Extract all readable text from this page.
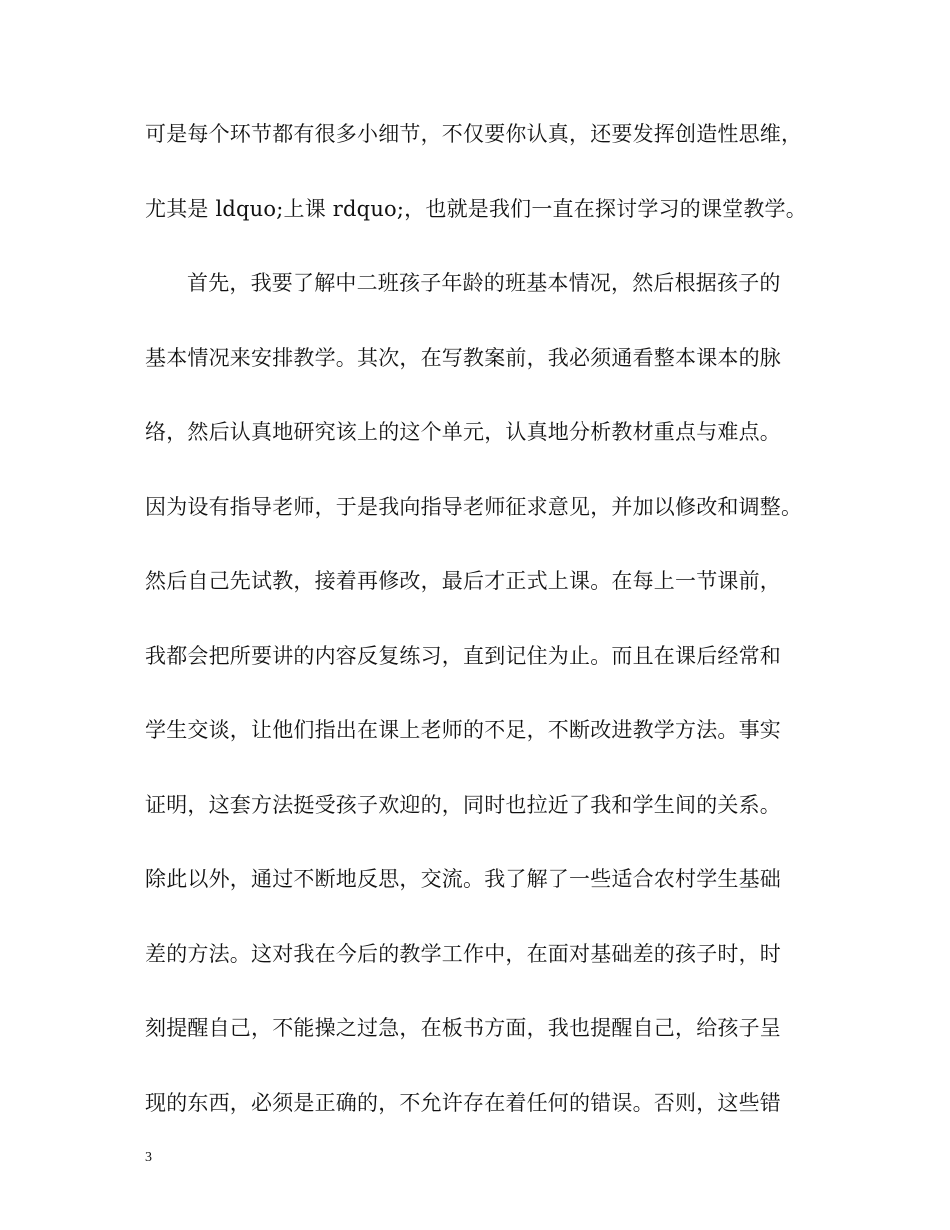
可是每个环节都有很多小细节，不仅要你认真，还要发挥创造性思维，

尤其是 ldquo;上课 rdquo;，也就是我们一直在探讨学习的课堂教学。

首先，我要了解中二班孩子年龄的班基本情况，然后根据孩子的

基本情况来安排教学。其次，在写教案前，我必须通看整本课本的脉

络，然后认真地研究该上的这个单元，认真地分析教材重点与难点。

因为设有指导老师，于是我向指导老师征求意见，并加以修改和调整。

然后自己先试教，接着再修改，最后才正式上课。在每上一节课前，

我都会把所要讲的内容反复练习，直到记住为止。而且在课后经常和

学生交谈，让他们指出在课上老师的不足，不断改进教学方法。事实

证明，这套方法挺受孩子欢迎的，同时也拉近了我和学生间的关系。

除此以外，通过不断地反思，交流。我了解了一些适合农村学生基础

差的方法。这对我在今后的教学工作中，在面对基础差的孩子时，时

刻提醒自己，不能操之过急，在板书方面，我也提醒自己，给孩子呈

现的东西，必须是正确的，不允许存在着任何的错误。否则，这些错

3
